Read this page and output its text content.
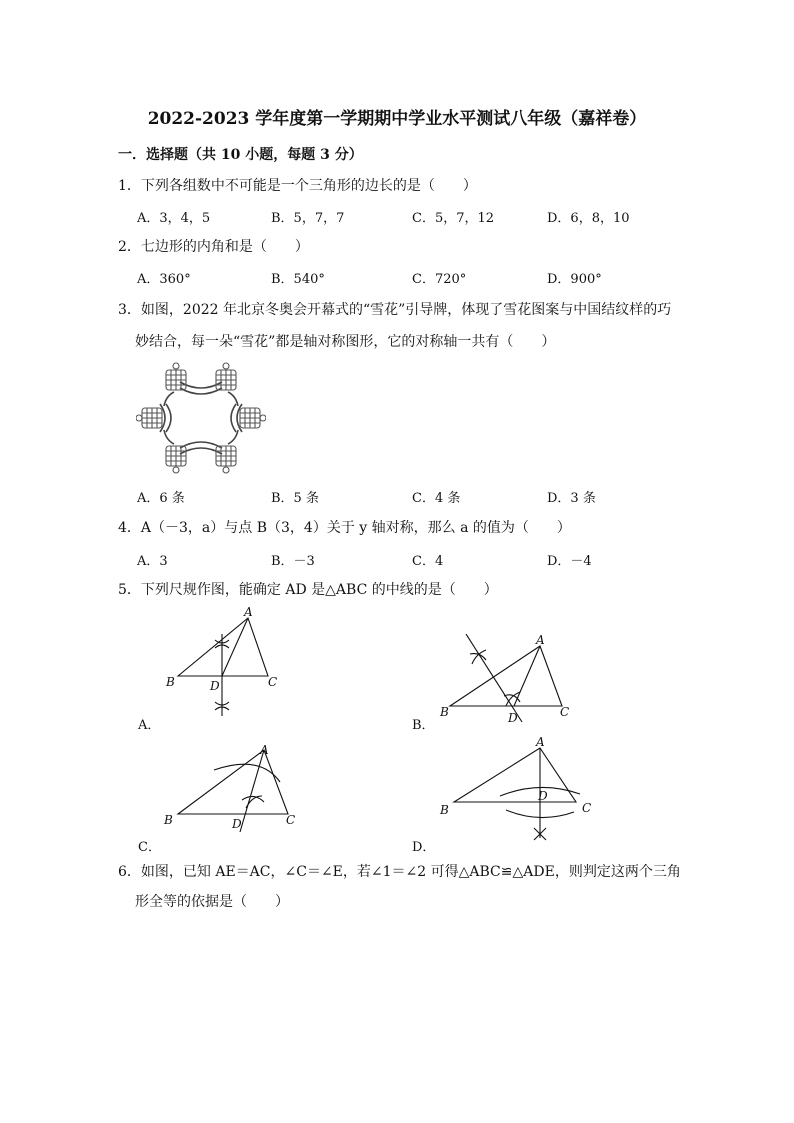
2022-2023 学年度第一学期期中学业水平测试八年级（嘉祥卷）
一．选择题（共 10 小题，每题 3 分）
1．下列各组数中不可能是一个三角形的边长的是（　　）
A．3，4，5	B．5，7，7	C．5，7，12	D．6，8，10
2．七边形的内角和是（　　）
A．360°	B．540°	C．720°	D．900°
3．如图，2022 年北京冬奥会开幕式的“雪花”引导牌，体现了雪花图案与中国结纹样的巧
妙结合，每一朵“雪花”都是轴对称图形，它的对称轴一共有（　　）
A．6 条	B．5 条	C．4 条	D．3 条
4．A（－3，a）与点 B（3，4）关于 y 轴对称，那么 a 的值为（　　）
A．3	B．－3	C．4	D．－4
5．下列尺规作图，能确定 AD 是△ABC 的中线的是（　　）
A
B	C
D
A．
A
B	C
D
B．
A
B	C
D
C．
A
B	C
D
D．
6．如图，已知 AE＝AC，∠C＝∠E，若∠1＝∠2 可得△ABC≌△ADE，则判定这两个三角
形全等的依据是（　　）
